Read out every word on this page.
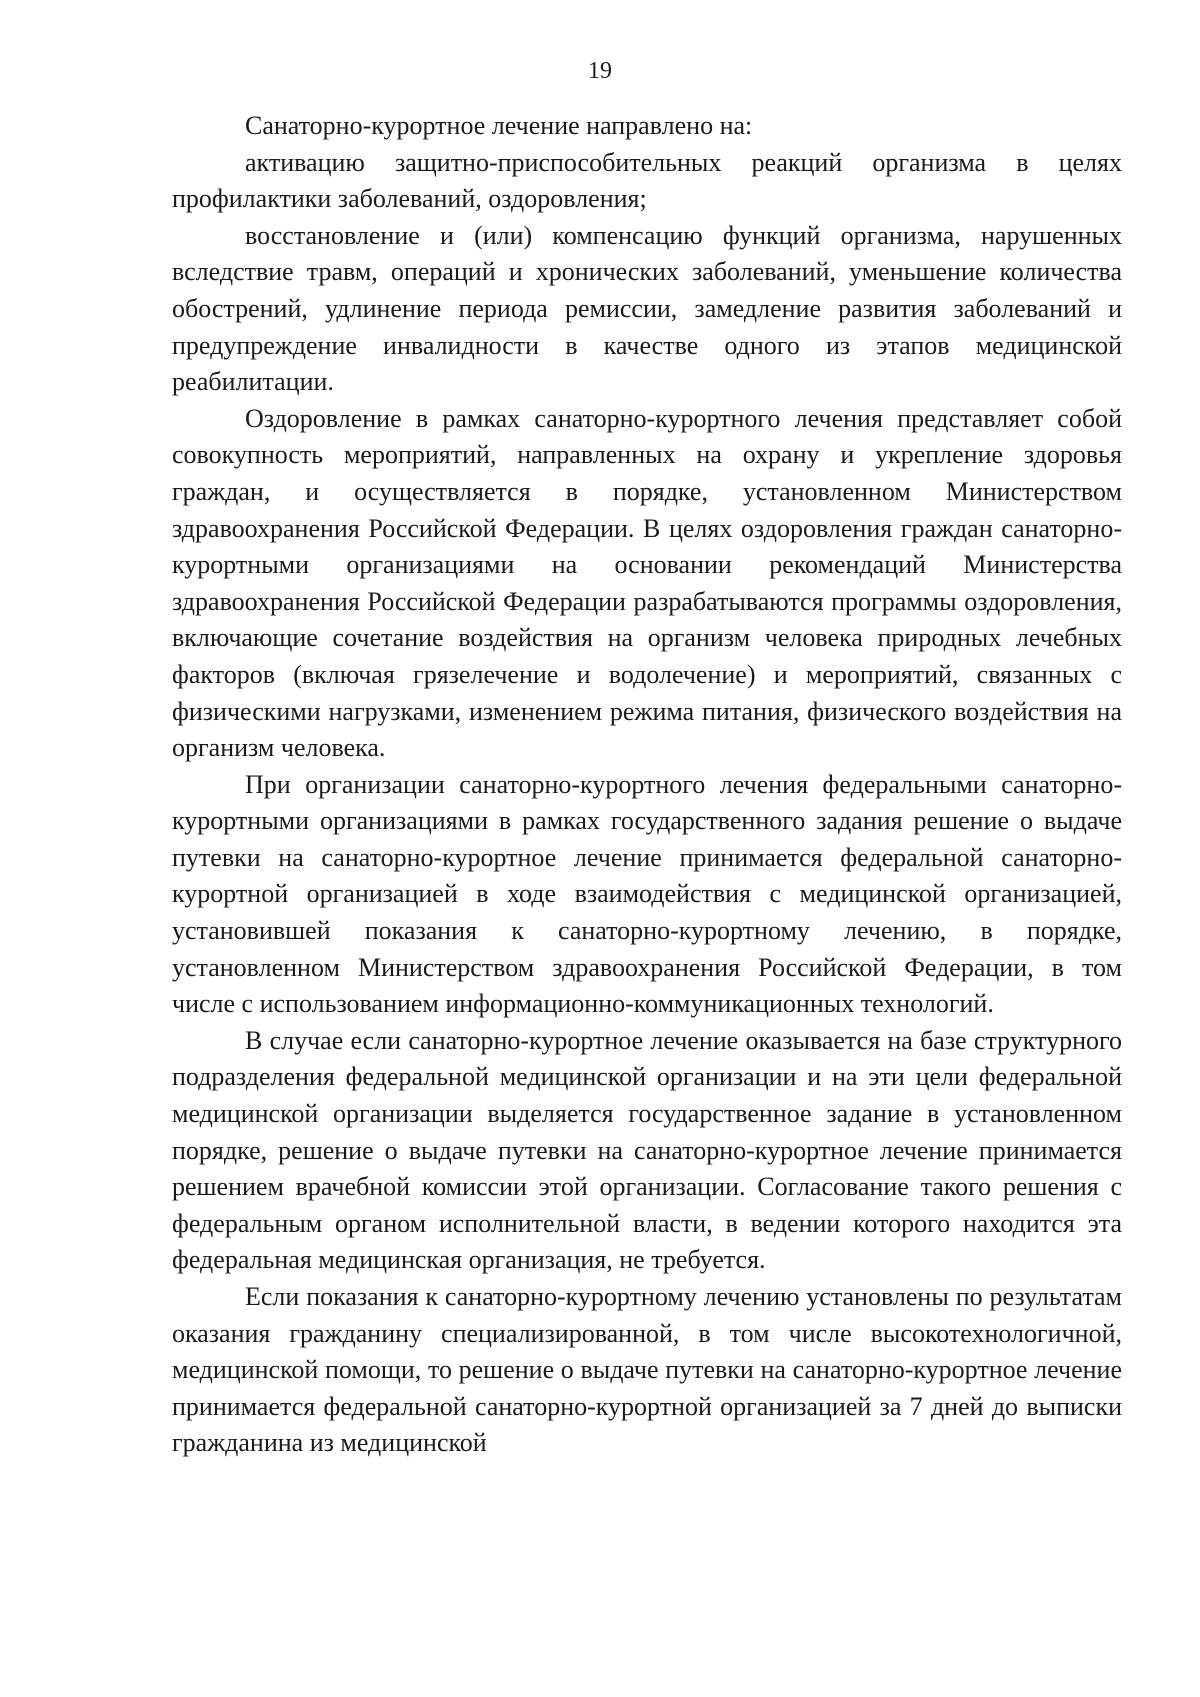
19

Санаторно-курортное лечение направлено на:

активацию защитно-приспособительных реакций организма в целях профилактики заболеваний, оздоровления;

восстановление и (или) компенсацию функций организма, нарушенных вследствие травм, операций и хронических заболеваний, уменьшение количества обострений, удлинение периода ремиссии, замедление развития заболеваний и предупреждение инвалидности в качестве одного из этапов медицинской реабилитации.

Оздоровление в рамках санаторно-курортного лечения представляет собой совокупность мероприятий, направленных на охрану и укрепление здоровья граждан, и осуществляется в порядке, установленном Министерством здравоохранения Российской Федерации. В целях оздоровления граждан санаторно-курортными организациями на основании рекомендаций Министерства здравоохранения Российской Федерации разрабатываются программы оздоровления, включающие сочетание воздействия на организм человека природных лечебных факторов (включая грязелечение и водолечение) и мероприятий, связанных с физическими нагрузками, изменением режима питания, физического воздействия на организм человека.

При организации санаторно-курортного лечения федеральными санаторно-курортными организациями в рамках государственного задания решение о выдаче путевки на санаторно-курортное лечение принимается федеральной санаторно-курортной организацией в ходе взаимодействия с медицинской организацией, установившей показания к санаторно-курортному лечению, в порядке, установленном Министерством здравоохранения Российской Федерации, в том числе с использованием информационно-коммуникационных технологий.

В случае если санаторно-курортное лечение оказывается на базе структурного подразделения федеральной медицинской организации и на эти цели федеральной медицинской организации выделяется государственное задание в установленном порядке, решение о выдаче путевки на санаторно-курортное лечение принимается решением врачебной комиссии этой организации. Согласование такого решения с федеральным органом исполнительной власти, в ведении которого находится эта федеральная медицинская организация, не требуется.

Если показания к санаторно-курортному лечению установлены по результатам оказания гражданину специализированной, в том числе высокотехнологичной, медицинской помощи, то решение о выдаче путевки на санаторно-курортное лечение принимается федеральной санаторно-курортной организацией за 7 дней до выписки гражданина из медицинской
